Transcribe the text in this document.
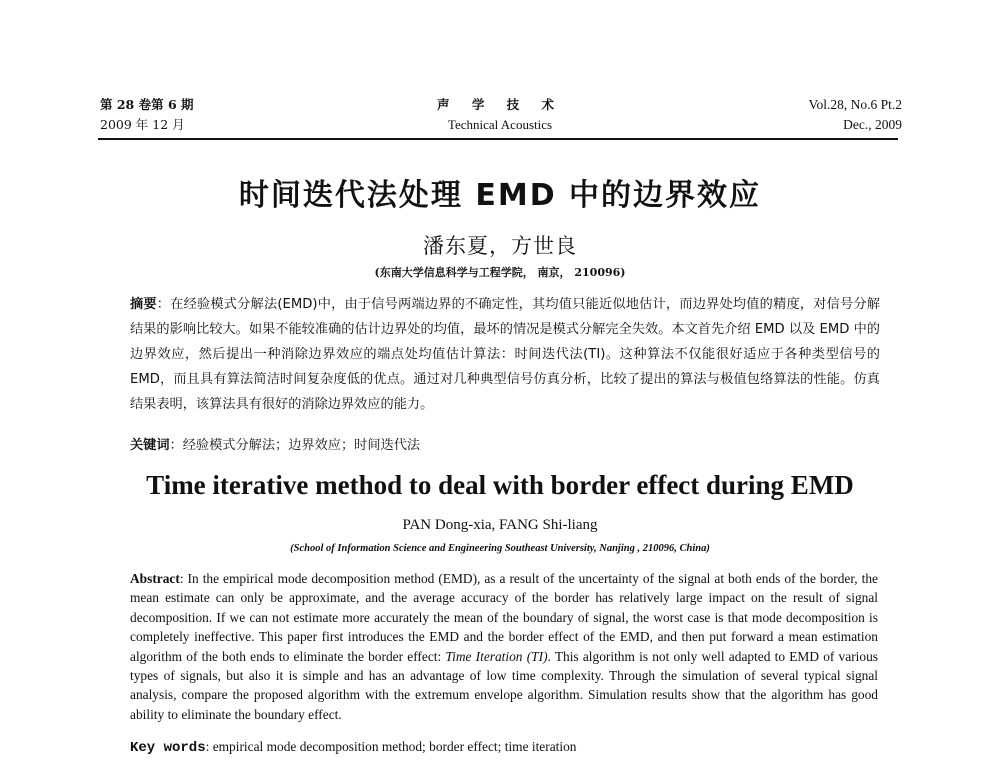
第 28 卷第 6 期
2009 年 12 月
声 学 技 术
Technical Acoustics
Vol.28, No.6 Pt.2
Dec., 2009
时间迭代法处理 EMD 中的边界效应
潘东夏，方世良
(东南大学信息科学与工程学院， 南京， 210096)
摘要：在经验模式分解法(EMD)中，由于信号两端边界的不确定性，其均值只能近似地估计，而边界处均值的精度，对信号分解结果的影响比较大。如果不能较准确的估计边界处的均值，最坏的情况是模式分解完全失效。本文首先介绍 EMD 以及 EMD 中的边界效应，然后提出一种消除边界效应的端点处均值估计算法：时间迭代法(TI)。这种算法不仅能很好适应于各种类型信号的 EMD，而且具有算法简洁时间复杂度低的优点。通过对几种典型信号仿真分析，比较了提出的算法与极值包络算法的性能。仿真结果表明，该算法具有很好的消除边界效应的能力。
关键词：经验模式分解法；边界效应；时间迭代法
Time iterative method to deal with border effect during EMD
PAN Dong-xia, FANG Shi-liang
(School of Information Science and Engineering Southeast University, Nanjing , 210096, China)
Abstract: In the empirical mode decomposition method (EMD), as a result of the uncertainty of the signal at both ends of the border, the mean estimate can only be approximate, and the average accuracy of the border has relatively large impact on the result of signal decomposition. If we can not estimate more accurately the mean of the boundary of signal, the worst case is that mode decomposition is completely ineffective. This paper first introduces the EMD and the border effect of the EMD, and then put forward a mean estimation algorithm of the both ends to eliminate the border effect: Time Iteration (TI). This algorithm is not only well adapted to EMD of various types of signals, but also it is simple and has an advantage of low time complexity. Through the simulation of several typical signal analysis, compare the proposed algorithm with the extremum envelope algorithm. Simulation results show that the algorithm has good ability to eliminate the boundary effect.
Key words: empirical mode decomposition method; border effect; time iteration
